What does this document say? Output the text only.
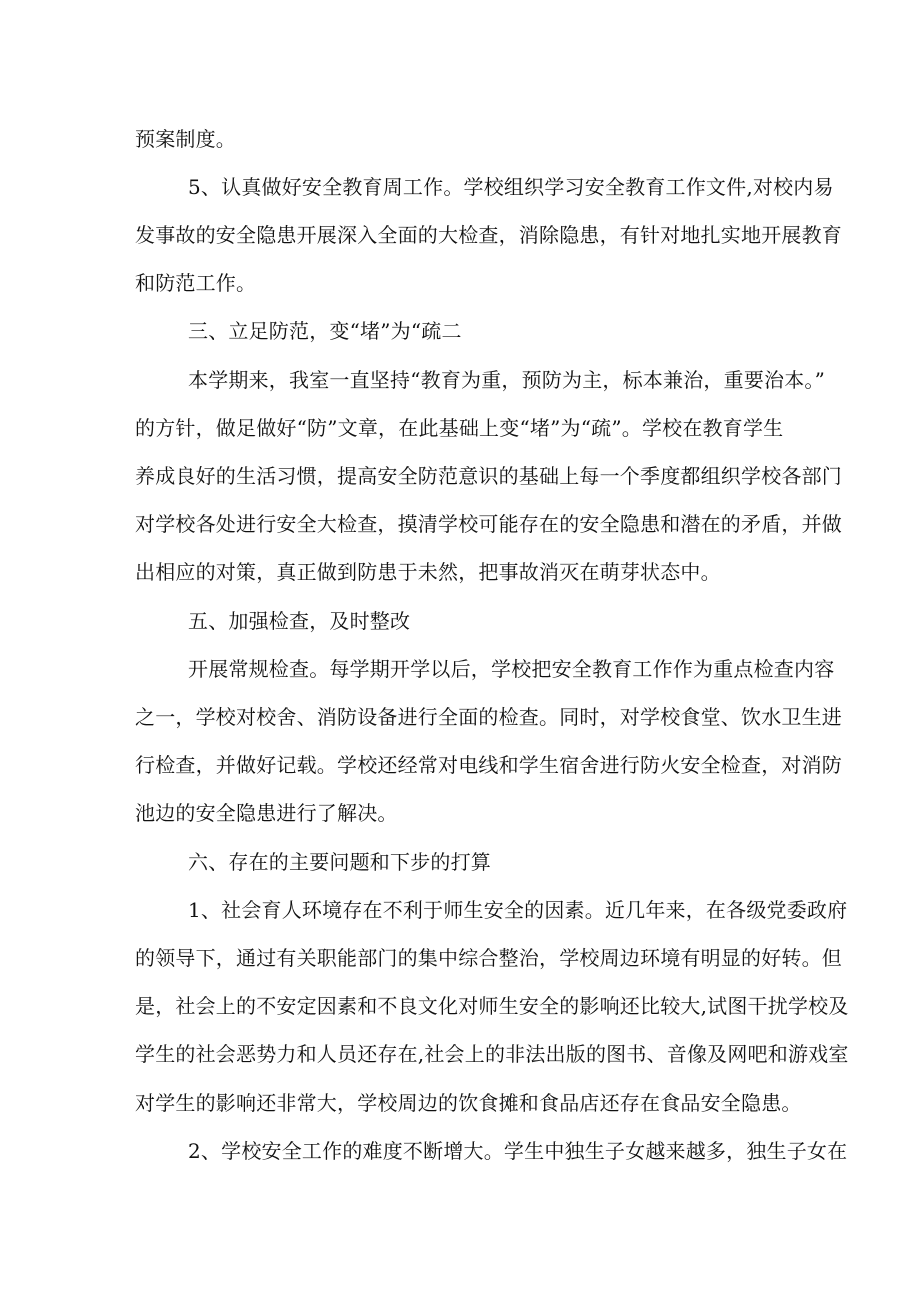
预案制度。
5、认真做好安全教育周工作。学校组织学习安全教育工作文件,对校内易
发事故的安全隐患开展深入全面的大检查，消除隐患，有针对地扎实地开展教育
和防范工作。
三、立足防范，变“堵”为“疏二
本学期来，我室一直坚持“教育为重，预防为主，标本兼治，重要治本。”
的方针，做足做好“防”文章，在此基础上变“堵”为“疏”。学校在教育学生
养成良好的生活习惯，提高安全防范意识的基础上每一个季度都组织学校各部门
对学校各处进行安全大检查，摸清学校可能存在的安全隐患和潜在的矛盾，并做
出相应的对策，真正做到防患于未然，把事故消灭在萌芽状态中。
五、加强检查，及时整改
开展常规检查。每学期开学以后，学校把安全教育工作作为重点检查内容
之一，学校对校舍、消防设备进行全面的检查。同时，对学校食堂、饮水卫生进
行检查，并做好记载。学校还经常对电线和学生宿舍进行防火安全检查，对消防
池边的安全隐患进行了解决。
六、存在的主要问题和下步的打算
1、社会育人环境存在不利于师生安全的因素。近几年来，在各级党委政府
的领导下，通过有关职能部门的集中综合整治，学校周边环境有明显的好转。但
是，社会上的不安定因素和不良文化对师生安全的影响还比较大,试图干扰学校及
学生的社会恶势力和人员还存在,社会上的非法出版的图书、音像及网吧和游戏室
对学生的影响还非常大，学校周边的饮食摊和食品店还存在食品安全隐患。
2、学校安全工作的难度不断增大。学生中独生子女越来越多，独生子女在
